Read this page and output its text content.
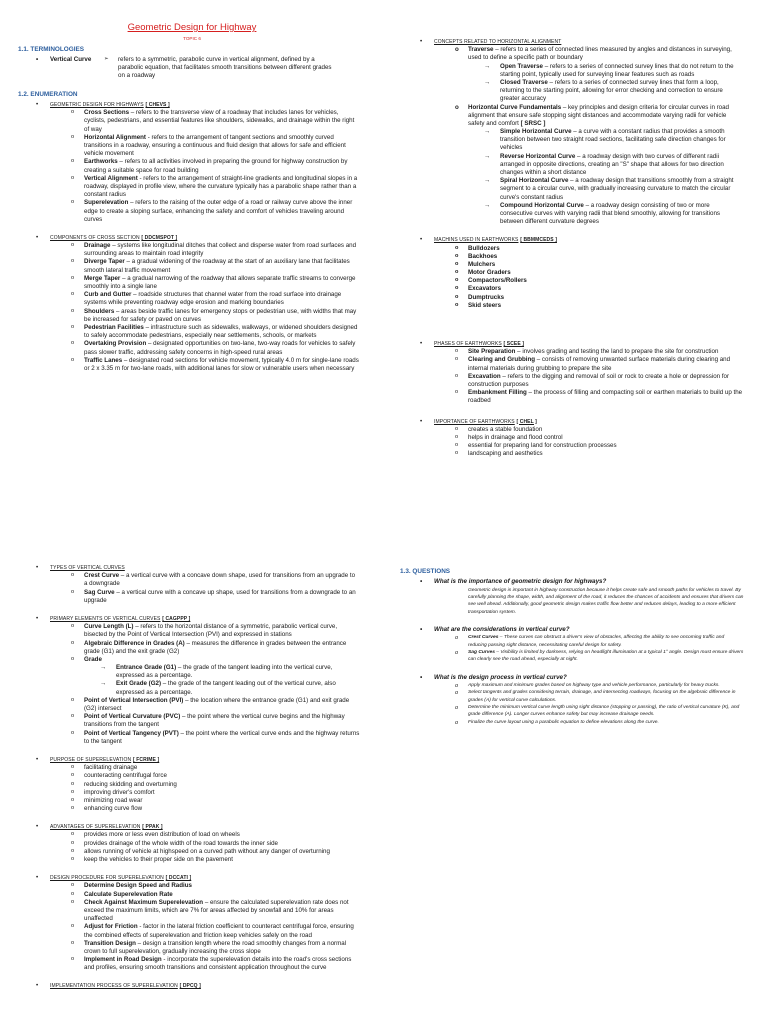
Geometric Design for Highway
TOPIC 6
1.1. TERMINOLOGIES
• Vertical Curve
➢	refers to a symmetric, parabolic curve in vertical alignment, defined by a parabolic equation, that facilitates smooth transitions between different grades on a roadway
1.2. ENUMERATION
• GEOMETRIC DESIGN FOR HIGHWAYS [ CHEVS ]
o Cross Sections – refers to the transverse view of a roadway that includes lanes for vehicles, cyclists, pedestrians, and essential features like shoulders, sidewalks, and drainage within the right of way
o Horizontal Alignment - refers to the arrangement of tangent sections and smoothly curved transitions in a roadway, ensuring a continuous and fluid design that allows for safe and efficient vehicle movement
o Earthworks – refers to all activities involved in preparing the ground for highway construction by creating a suitable space for road building
o Vertical Alignment - refers to the arrangement of straight-line gradients and longitudinal slopes in a roadway, displayed in profile view, where the curvature typically has a parabolic shape rather than a constant radius
o Superelevation – refers to the raising of the outer edge of a road or railway curve above the inner edge to create a sloping surface, enhancing the safety and comfort of vehicles traveling around curves
• COMPONENTS OF CROSS SECTION [ DDCMSPOT ]
o Drainage – systems like longitudinal ditches that collect and disperse water from road surfaces and surrounding areas to maintain road integrity
o Diverge Taper – a gradual widening of the roadway at the start of an auxiliary lane that facilitates smooth lateral traffic movement
o Merge Taper – a gradual narrowing of the roadway that allows separate traffic streams to converge smoothly into a single lane
o Curb and Gutter – roadside structures that channel water from the road surface into drainage systems while preventing roadway edge erosion and marking boundaries
o Shoulders – areas beside traffic lanes for emergency stops or pedestrian use, with widths that may be increased for safety or paved on curves
o Pedestrian Facilities – infrastructure such as sidewalks, walkways, or widened shoulders designed to safely accommodate pedestrians, especially near settlements, schools, or markets
o Overtaking Provision – designated opportunities on two-lane, two-way roads for vehicles to safely pass slower traffic, addressing safety concerns in high-speed rural areas
o Traffic Lanes – designated road sections for vehicle movement, typically 4.0 m for single-lane roads or 2 x 3.35 m for two-lane roads, with additional lanes for slow or vulnerable users when necessary
• CONCEPTS RELATED TO HORIZONTAL ALIGNMENT
o Traverse – refers to a series of connected lines measured by angles and distances in surveying, used to define a specific path or boundary
→ Open Traverse – refers to a series of connected survey lines that do not return to the starting point, typically used for surveying linear features such as roads
→ Closed Traverse – refers to a series of connected survey lines that form a loop, returning to the starting point, allowing for error checking and correction to ensure greater accuracy
o Horizontal Curve Fundamentals – key principles and design criteria for circular curves in road alignment that ensure safe stopping sight distances and accommodate varying radii for vehicle safety and comfort [ SRSC ]
→ Simple Horizontal Curve – a curve with a constant radius that provides a smooth transition between two straight road sections, facilitating safe direction changes for vehicles
→ Reverse Horizontal Curve – a roadway design with two curves of different radii arranged in opposite directions, creating an "S" shape that allows for two direction changes within a short distance
→ Spiral Horizontal Curve – a roadway design that transitions smoothly from a straight segment to a circular curve, with gradually increasing curvature to match the circular curve's constant radius
→ Compound Horizontal Curve – a roadway design consisting of two or more consecutive curves with varying radii that blend smoothly, allowing for transitions between different curvature degrees
• MACHINS USED IN EARTHWORKS [ BBMMCEDS ]
o Bulldozers
o Backhoes
o Mulchers
o Motor Graders
o Compactors/Rollers
o Excavators
o Dumptrucks
o Skid steers
• PHASES OF EARTHWORKS [ SCEE ]
o Site Preparation – involves grading and testing the land to prepare the site for construction
o Clearing and Grubbing – consists of removing unwanted surface materials during clearing and internal materials during grubbing to prepare the site
o Excavation – refers to the digging and removal of soil or rock to create a hole or depression for construction purposes
o Embankment Filling – the process of filling and compacting soil or earthen materials to build up the roadbed
• IMPORTANCE OF EARTHWORKS [ CHEL ]
o creates a stable foundation
o helps in drainage and flood control
o essential for preparing land for construction processes
o landscaping and aesthetics
• TYPES OF VERTICAL CURVES
o Crest Curve – a vertical curve with a concave down shape, used for transitions from an upgrade to a downgrade
o Sag Curve – a vertical curve with a concave up shape, used for transitions from a downgrade to an upgrade
• PRIMARY ELEMENTS OF VERTICAL CURVES [ CAGPPP ]
o Curve Length (L) – refers to the horizontal distance of a symmetric, parabolic vertical curve, bisected by the Point of Vertical Intersection (PVI) and expressed in stations
o Algebraic Difference in Grades (A) – measures the difference in grades between the entrance grade (G1) and the exit grade (G2)
o Grade
→ Entrance Grade (G1) – the grade of the tangent leading into the vertical curve, expressed as a percentage.
→ Exit Grade (G2) – the grade of the tangent leading out of the vertical curve, also expressed as a percentage.
o Point of Vertical Intersection (PVI) – the location where the entrance grade (G1) and exit grade (G2) intersect
o Point of Vertical Curvature (PVC) – the point where the vertical curve begins and the highway transitions from the tangent
o Point of Vertical Tangency (PVT) – the point where the vertical curve ends and the highway returns to the tangent
• PURPOSE OF SUPERELEVATION [ FCRIME ]
o facilitating drainage
o counteracting centrifugal force
o reducing skidding and overturning
o improving driver's comfort
o minimizing road wear
o enhancing curve flow
• ADVANTAGES OF SUPERELEVATION [ PPAK ]
o provides more or less even distribution of load on wheels
o provides drainage of the whole width of the road towards the inner side
o allows running of vehicle at highspeed on a curved path without any danger of overturning
o keep the vehicles to their proper side on the pavement
• DESIGN PROCEDURE FOR SUPERELEVATION [ DCCATI ]
o Determine Design Speed and Radius
o Calculate Superelevation Rate
o Check Against Maximum Superelevation – ensure the calculated superelevation rate does not exceed the maximum limits, which are 7% for areas affected by snowfall and 10% for areas unaffected
o Adjust for Friction - factor in the lateral friction coefficient to counteract centrifugal force, ensuring the combined effects of superelevation and friction keep vehicles safely on the road
o Transition Design – design a transition length where the road smoothly changes from a normal crown to full superelevation, gradually increasing the cross slope
o Implement in Road Design - incorporate the superelevation details into the road's cross sections and profiles, ensuring smooth transitions and consistent application throughout the curve
• IMPLEMENTATION PROCESS OF SUPERELEVATION [ DPCQ ]
1.3. QUESTIONS
• What is the importance of geometric design for highways?
Geometric design is important in highway construction because it helps create safe and smooth paths for vehicles to travel. By carefully planning the shape, width, and alignment of the road, it reduces the chances of accidents and ensures that drivers can see well ahead. Additionally, good geometric design makes traffic flow better and reduces delays, leading to a more efficient transportation system.
• What are the considerations in vertical curve?
o Crest Curves – These curves can obstruct a driver's view of obstacles, affecting the ability to see oncoming traffic and reducing passing sight distance, necessitating careful design for safety.
o Sag Curves – Visibility is limited by darkness, relying on headlight illumination at a typical 1° angle. Design must ensure drivers can clearly see the road ahead, especially at night.
• What is the design process in vertical curve?
o Apply maximum and minimum grades based on highway type and vehicle performance, particularly for heavy trucks.
o Select tangents and grades considering terrain, drainage, and intersecting roadways, focusing on the algebraic difference in grades (A) for vertical curve calculations.
o Determine the minimum vertical curve length using sight distance (stopping or passing), the ratio of vertical curvature (K), and grade difference (A). Longer curves enhance safety but may increase drainage needs.
o Finalize the curve layout using a parabolic equation to define elevations along the curve.
